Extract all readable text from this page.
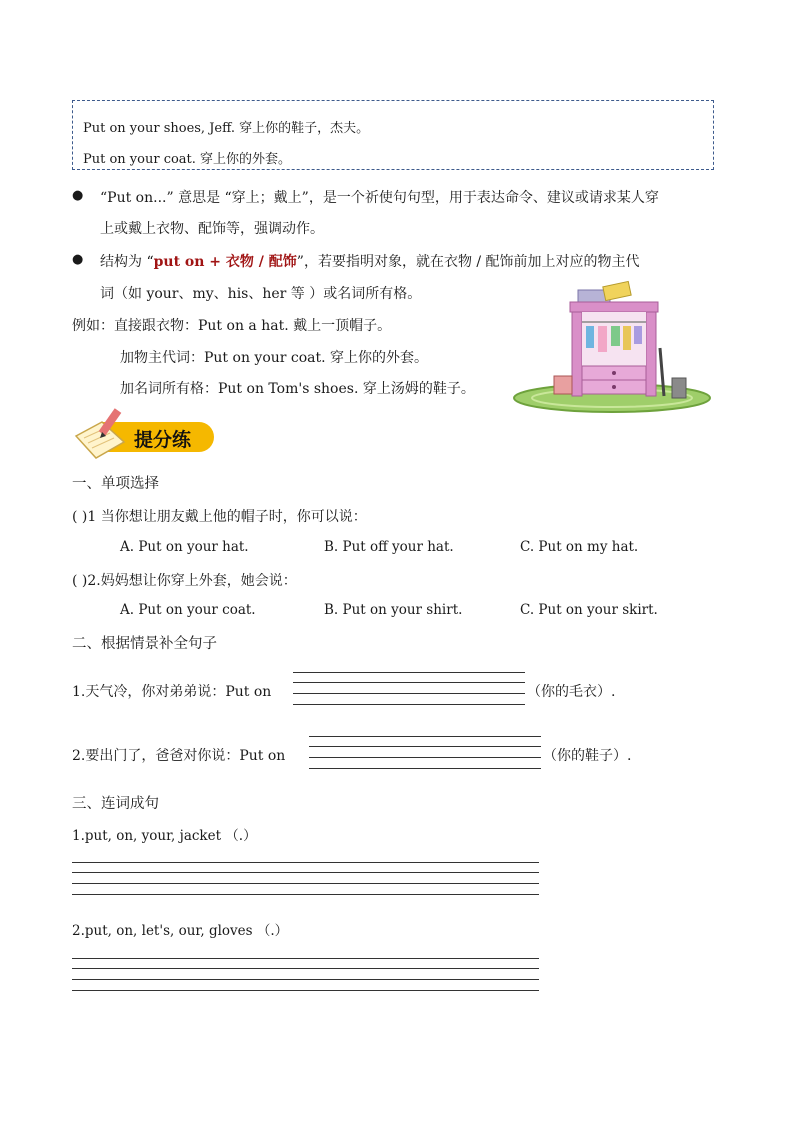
Put on your shoes, Jeff. 穿上你的鞋子，杰夫。
Put on your coat. 穿上你的外套。
● “Put on...” 意思是 “穿上；戴上”，是一个祈使句句型，用于表达命令、建议或请求某人穿
上或戴上衣物、配饰等，强调动作。
● 结构为 “put on + 衣物 / 配饰”，若要指明对象，就在衣物 / 配饰前加上对应的物主代
词（如 your、my、his、her 等 ）或名词所有格。
例如：直接跟衣物：Put on a hat. 戴上一顶帽子。
加物主代词：Put on your coat. 穿上你的外套。
加名词所有格：Put on Tom's shoes. 穿上汤姆的鞋子。
提分练
一、单项选择
( )1 当你想让朋友戴上他的帽子时，你可以说：
A. Put on your hat.	B. Put off your hat.	C. Put on my hat.
( )2.妈妈想让你穿上外套，她会说：
A. Put on your coat.	B. Put on your shirt.	C. Put on your skirt.
二、根据情景补全句子
1.天气冷，你对弟弟说：Put on	（你的毛衣）.
2.要出门了，爸爸对你说：Put on	（你的鞋子）.
三、连词成句
1.put, on, your, jacket （.）
2.put, on, let's, our, gloves （.）
